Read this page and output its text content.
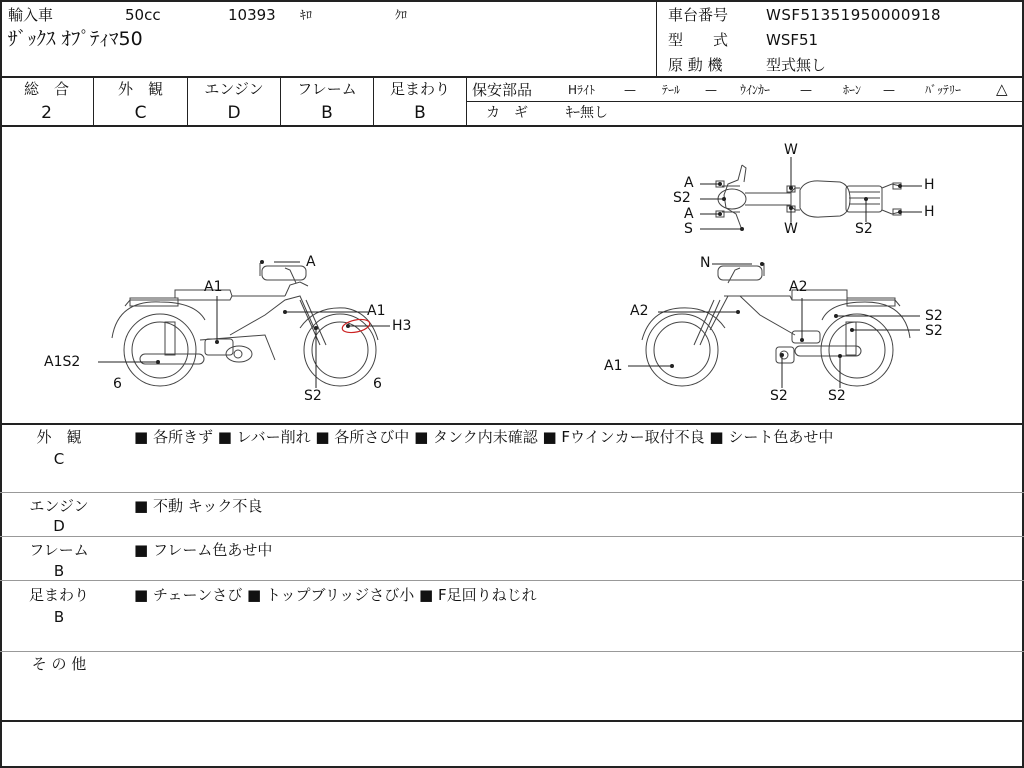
輸入車	50cc	10393 ｷﾛ	ｸﾛ
ｻﾞｯｸｽ ｵﾌﾟﾃｨﾏ50
車台番号	WSF51351950000918
型　　式	WSF51
原 動 機	型式無し
総　合
2
外　観
C
エンジン
D
フレーム
B
足まわり
B
保安部品	Hﾗｲﾄ — ﾃｰﾙ — ｳｲﾝｶｰ —	ﾎｰﾝ —	ﾊﾞｯﾃﾘｰ △
カ　ギ	ｷｰ無し
W
A
S2
A
S	W	S2
H
H
A
A1
A1
H3
A1S2
6
S2
6
N
A2
A2	S2
S2
A1
S2	S2
外　観
C
■ 各所きず ■ レバー削れ ■ 各所さび中 ■ タンク内未確認 ■ Fウインカー取付不良 ■ シート色あせ中
エンジン
D
■ 不動 キック不良
フレーム
B
■ フレーム色あせ中
足まわり
B
■ チェーンさび ■ トップブリッジさび小 ■ F足回りねじれ
そ の 他
